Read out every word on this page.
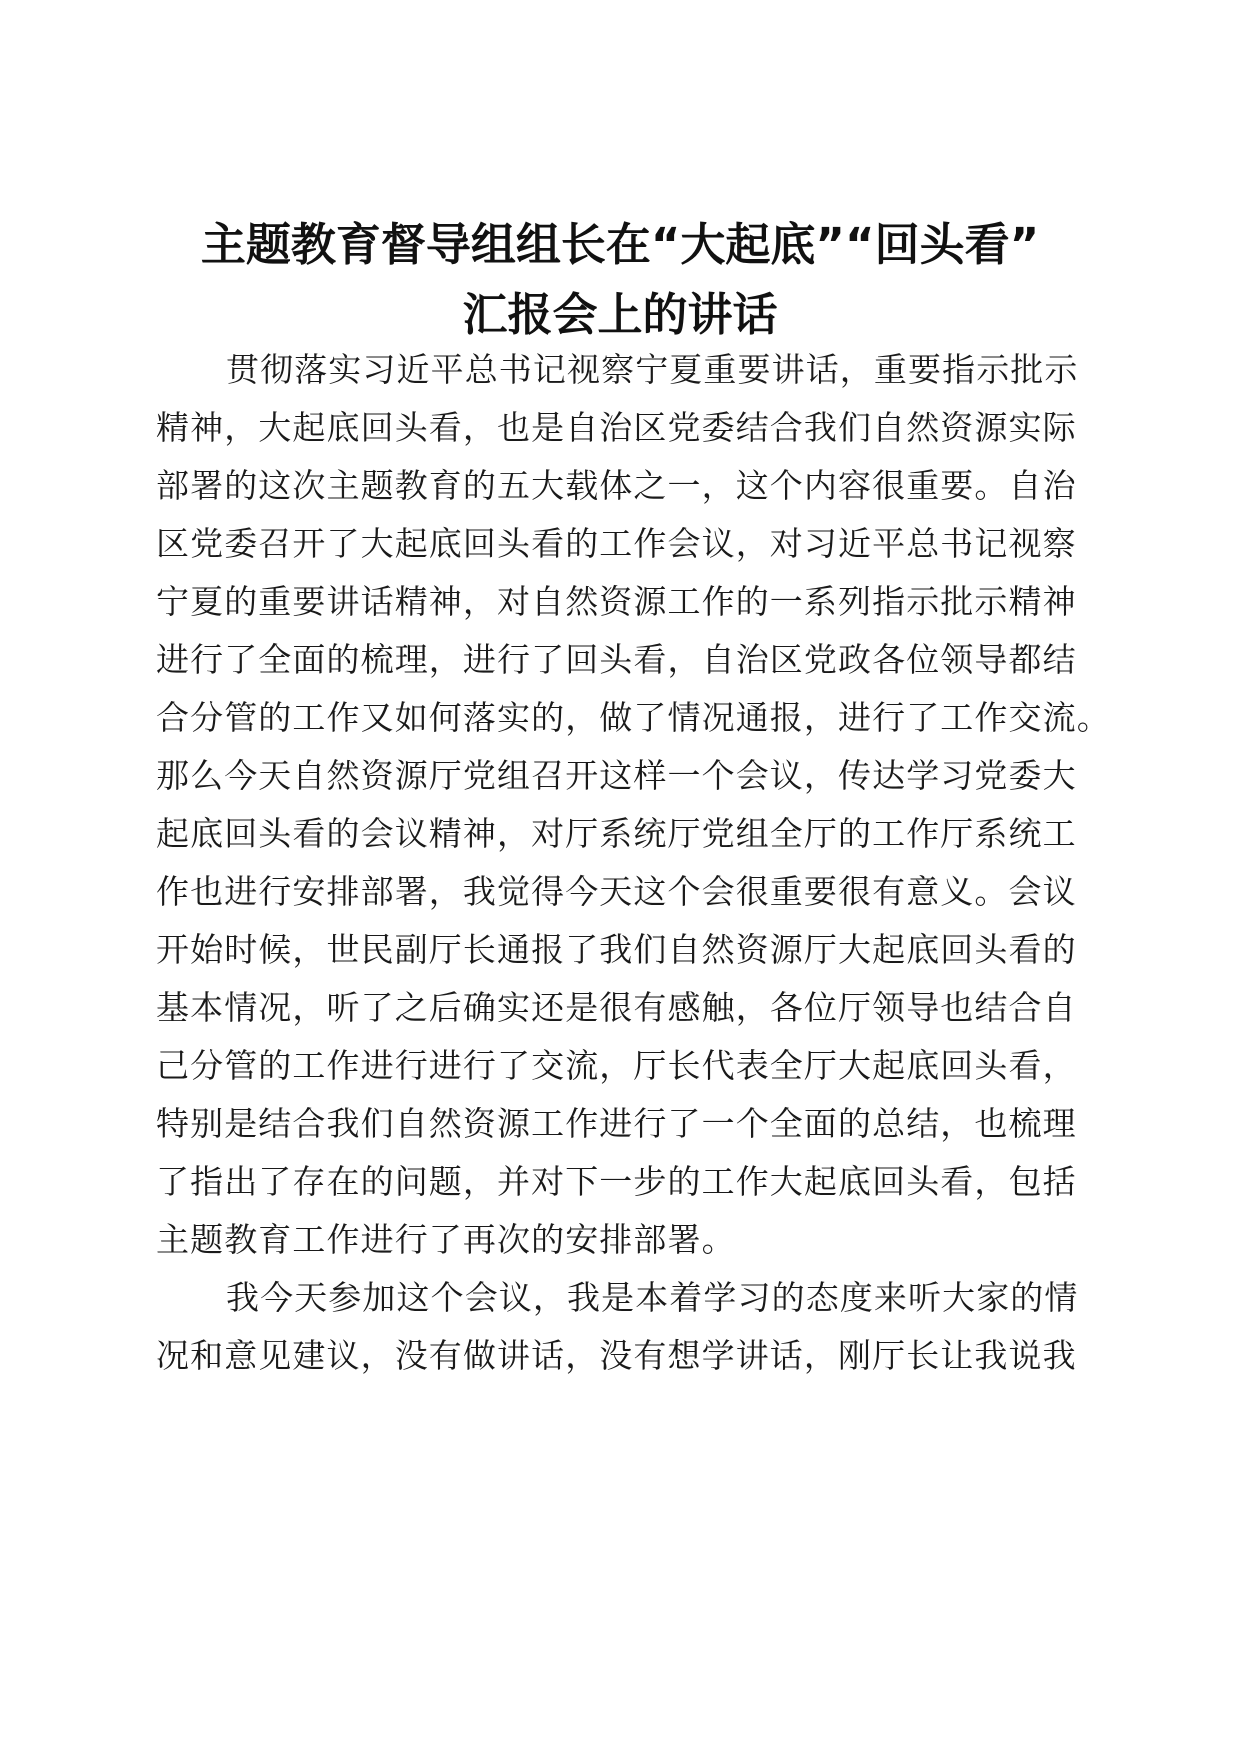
主题教育督导组组长在“大起底”“回头看”
汇报会上的讲话
贯彻落实习近平总书记视察宁夏重要讲话，重要指示批示
精神，大起底回头看，也是自治区党委结合我们自然资源实际
部署的这次主题教育的五大载体之一，这个内容很重要。自治
区党委召开了大起底回头看的工作会议，对习近平总书记视察
宁夏的重要讲话精神，对自然资源工作的一系列指示批示精神
进行了全面的梳理，进行了回头看，自治区党政各位领导都结
合分管的工作又如何落实的，做了情况通报，进行了工作交流。
那么今天自然资源厅党组召开这样一个会议，传达学习党委大
起底回头看的会议精神，对厅系统厅党组全厅的工作厅系统工
作也进行安排部署，我觉得今天这个会很重要很有意义。会议
开始时候，世民副厅长通报了我们自然资源厅大起底回头看的
基本情况，听了之后确实还是很有感触，各位厅领导也结合自
己分管的工作进行进行了交流，厅长代表全厅大起底回头看，
特别是结合我们自然资源工作进行了一个全面的总结，也梳理
了指出了存在的问题，并对下一步的工作大起底回头看，包括
主题教育工作进行了再次的安排部署。
我今天参加这个会议，我是本着学习的态度来听大家的情
况和意见建议，没有做讲话，没有想学讲话，刚厅长让我说我
